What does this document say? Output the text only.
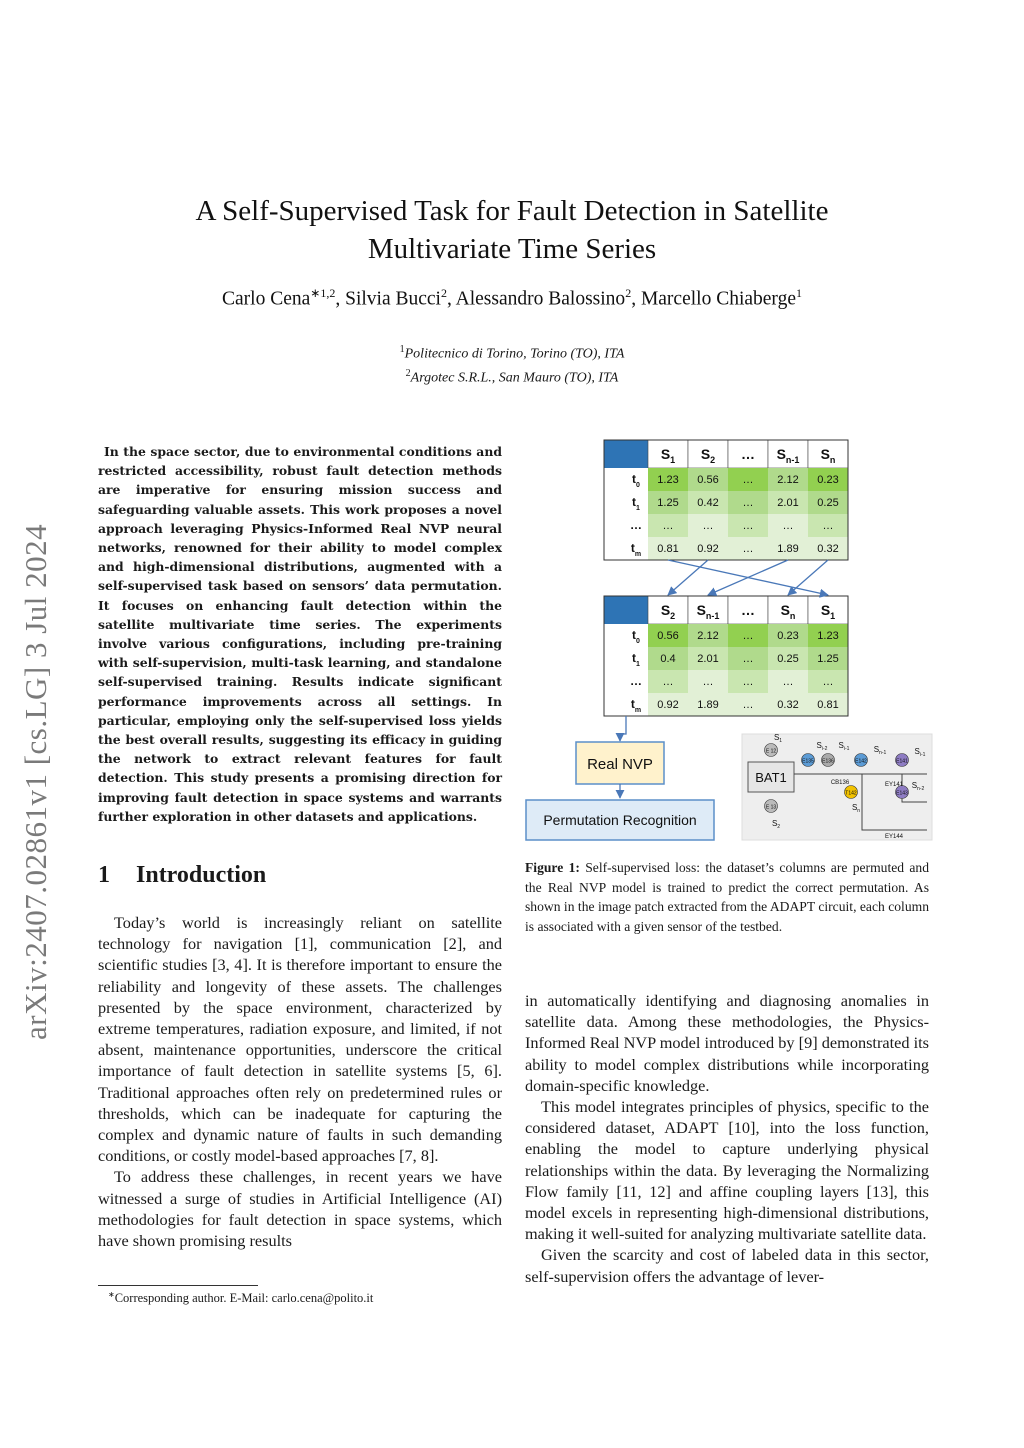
arXiv:2407.02861v1 [cs.LG] 3 Jul 2024
A Self-Supervised Task for Fault Detection in Satellite
Multivariate Time Series
Carlo Cena$^{∗1,2}$, Silvia Bucci$^2$, Alessandro Balossino$^2$, Marcello Chiaberge$^1$
$^1$Politecnico di Torino, Torino (TO), ITA
$^2$Argotec S.R.L., San Mauro (TO), ITA
In the space sector, due to environmental conditions and restricted accessibility, robust fault detection methods are imperative for ensuring mission success and safeguarding valuable assets. This work proposes a novel approach leveraging Physics-Informed Real NVP neural networks, renowned for their ability to model complex and high-dimensional distributions, augmented with a self-supervised task based on sensors’ data permutation. It focuses on enhancing fault detection within the satellite multivariate time series. The experiments involve various configurations, including pre-training with self-supervision, multi-task learning, and standalone self-supervised training. Results indicate significant performance improvements across all settings. In particular, employing only the self-supervised loss yields the best overall results, suggesting its efficacy in guiding the network to extract relevant features for fault detection. This study presents a promising direction for improving fault detection in space systems and warrants further exploration in other datasets and applications.
1 Introduction

Today’s world is increasingly reliant on satellite technology for navigation [1], communication [2], and scientific studies [3, 4]. It is therefore important to ensure the reliability and longevity of these assets. The challenges presented by the space environment, characterized by extreme temperatures, radiation exposure, and limited, if not absent, maintenance opportunities, underscore the critical importance of fault detection in satellite systems [5, 6]. Traditional approaches often rely on predetermined rules or thresholds, which can be inadequate for capturing the complex and dynamic nature of faults in such demanding conditions, or costly model-based approaches [7, 8].

To address these challenges, in recent years we have witnessed a surge of studies in Artificial Intelligence (AI) methodologies for fault detection in space systems, which have shown promising results

∗Corresponding author. E-Mail: carlo.cena@polito.it
$S_1$ $S_2$ … $S_{n-1}$ $S_n$
$t_0$ 1.23 0.56 … 2.12 0.23
$t_1$ 1.25 0.42 … 2.01 0.25
… …	…	…	…	…
$t_m$ 0.81 0.92 … 1.89 0.32
$S_2$ $S_{n-1}$ … $S_n$ $S_1$
$t_0$ 0.56 2.12 … 0.23 1.23
$t_1$ 0.4 2.01 … 0.25 1.25
… …	…	…	…	…
$t_m$ 0.92 1.89 … 0.32 0.81
Real NVP
Permutation Recognition
BAT1
E 12
E135 E136	E142
T142
E141
E143
E 13
$S_1$	$S_{i-2}$ $S_{i-1}$	$S_{n-1}$	$S_{i-1}$
$S_{n-2}$
$S_n$
$S_2$
CB136	EY141
EY144
Figure 1: Self-supervised loss: the dataset’s columns are permuted and the Real NVP model is trained to predict the correct permutation. As shown in the image patch extracted from the ADAPT circuit, each column is associated with a given sensor of the testbed.

in automatically identifying and diagnosing anomalies in satellite data. Among these methodologies, the Physics-Informed Real NVP model introduced by [9] demonstrated its ability to model complex distributions while incorporating domain-specific knowledge.

This model integrates principles of physics, specific to the considered dataset, ADAPT [10], into the loss function, enabling the model to capture underlying physical relationships within the data. By leveraging the Normalizing Flow family [11, 12] and affine coupling layers [13], this model excels in representing high-dimensional distributions, making it well-suited for analyzing multivariate satellite data.

Given the scarcity and cost of labeled data in this sector, self-supervision offers the advantage of lever-
